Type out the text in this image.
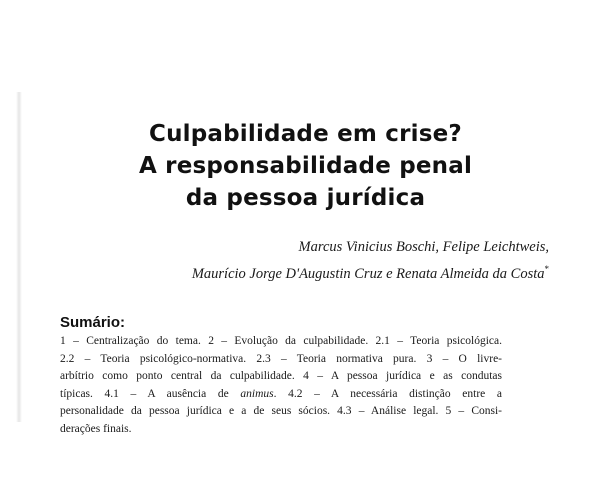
Culpabilidade em crise?
A responsabilidade penal
da pessoa jurídica
Marcus Vinicius Boschi, Felipe Leichtweis,
Maurício Jorge D'Augustin Cruz e Renata Almeida da Costa*
Sumário:
1 – Centralização do tema. 2 – Evolução da culpabilidade. 2.1 – Teoria psicológica.
2.2 – Teoria psicológico-normativa. 2.3 – Teoria normativa pura. 3 – O livre-
arbítrio como ponto central da culpabilidade. 4 – A pessoa jurídica e as condutas
típicas. 4.1 – A ausência de animus. 4.2 – A necessária distinção entre a
personalidade da pessoa jurídica e a de seus sócios. 4.3 – Análise legal. 5 – Consi-
derações finais.
